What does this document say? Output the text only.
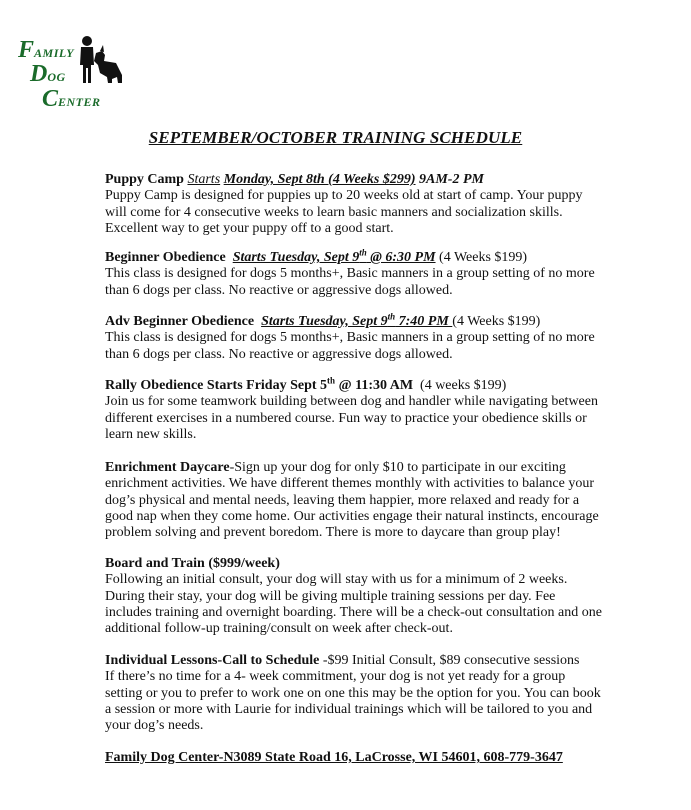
FAMILY
DOG
CENTER
SEPTEMBER/OCTOBER TRAINING SCHEDULE

Puppy Camp Starts Monday, Sept 8th (4 Weeks $299) 9AM-2 PM

Puppy Camp is designed for puppies up to 20 weeks old at start of camp. Your puppy will come for 4 consecutive weeks to learn basic manners and socialization skills. Excellent way to get your puppy off to a good start.

Beginner Obedience Starts Tuesday, Sept 9th @ 6:30 PM (4 Weeks $199)

This class is designed for dogs 5 months+, Basic manners in a group setting of no more than 6 dogs per class. No reactive or aggressive dogs allowed.

Adv Beginner Obedience Starts Tuesday, Sept 9th 7:40 PM (4 Weeks $199)

This class is designed for dogs 5 months+, Basic manners in a group setting of no more than 6 dogs per class. No reactive or aggressive dogs allowed.

Rally Obedience Starts Friday Sept 5th @ 11:30 AM (4 weeks $199)

Join us for some teamwork building between dog and handler while navigating between different exercises in a numbered course. Fun way to practice your obedience skills or learn new skills.

Enrichment Daycare-Sign up your dog for only $10 to participate in our exciting enrichment activities. We have different themes monthly with activities to balance your dog’s physical and mental needs, leaving them happier, more relaxed and ready for a good nap when they come home. Our activities engage their natural instincts, encourage problem solving and prevent boredom. There is more to daycare than group play!

Board and Train ($999/week)

Following an initial consult, your dog will stay with us for a minimum of 2 weeks. During their stay, your dog will be giving multiple training sessions per day. Fee includes training and overnight boarding. There will be a check-out consultation and one additional follow-up training/consult on week after check-out.

Individual Lessons-Call to Schedule -$99 Initial Consult, $89 consecutive sessions

If there’s no time for a 4- week commitment, your dog is not yet ready for a group setting or you to prefer to work one on one this may be the option for you. You can book a session or more with Laurie for individual trainings which will be tailored to you and your dog’s needs.

Family Dog Center-N3089 State Road 16, LaCrosse, WI 54601, 608-779-3647
